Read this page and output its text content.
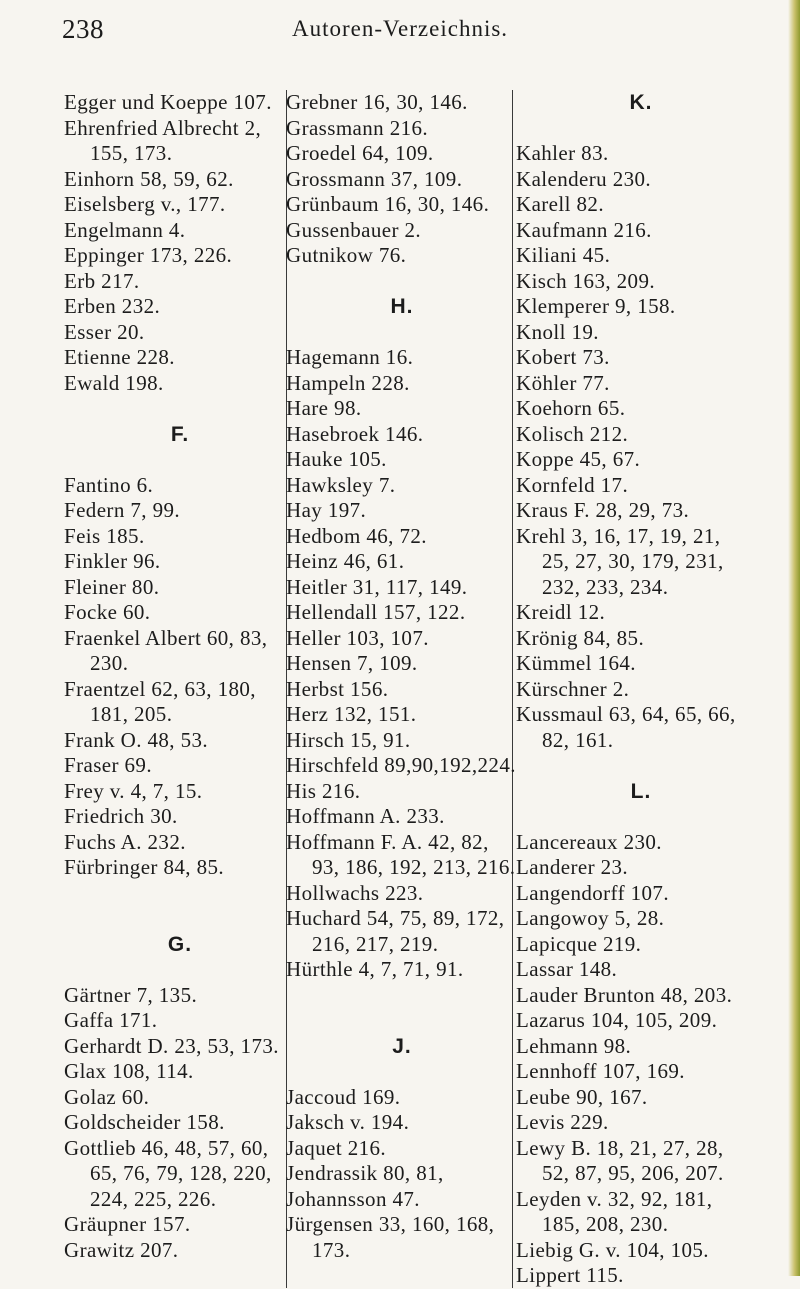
238	Autoren-Verzeichnis.
Egger und Koeppe 107.
Ehrenfried Albrecht 2,
155, 173.
Einhorn 58, 59, 62.
Eiselsberg v., 177.
Engelmann 4.
Eppinger 173, 226.
Erb 217.
Erben 232.
Esser 20.
Etienne 228.
Ewald 198.

F.

Fantino 6.
Federn 7, 99.
Feis 185.
Finkler 96.
Fleiner 80.
Focke 60.
Fraenkel Albert 60, 83,
230.
Fraentzel 62, 63, 180,
181, 205.
Frank O. 48, 53.
Fraser 69.
Frey v. 4, 7, 15.
Friedrich 30.
Fuchs A. 232.
Fürbringer 84, 85.

G.

Gärtner 7, 135.
Gaffa 171.
Gerhardt D. 23, 53, 173.
Glax 108, 114.
Golaz 60.
Goldscheider 158.
Gottlieb 46, 48, 57, 60,
65, 76, 79, 128, 220,
224, 225, 226.
Gräupner 157.
Grawitz 207.
Grebner 16, 30, 146.
Grassmann 216.
Groedel 64, 109.
Grossmann 37, 109.
Grünbaum 16, 30, 146.
Gussenbauer 2.
Gutnikow 76.

H.

Hagemann 16.
Hampeln 228.
Hare 98.
Hasebroek 146.
Hauke 105.
Hawksley 7.
Hay 197.
Hedbom 46, 72.
Heinz 46, 61.
Heitler 31, 117, 149.
Hellendall 157, 122.
Heller 103, 107.
Hensen 7, 109.
Herbst 156.
Herz 132, 151.
Hirsch 15, 91.
Hirschfeld 89,90,192,224.
His 216.
Hoffmann A. 233.
Hoffmann F. A. 42, 82,
93, 186, 192, 213, 216.
Hollwachs 223.
Huchard 54, 75, 89, 172,
216, 217, 219.
Hürthle 4, 7, 71, 91.

J.

Jaccoud 169.
Jaksch v. 194.
Jaquet 216.
Jendrassik 80, 81,
Johannsson 47.
Jürgensen 33, 160, 168,
173.
K.

Kahler 83.
Kalenderu 230.
Karell 82.
Kaufmann 216.
Kiliani 45.
Kisch 163, 209.
Klemperer 9, 158.
Knoll 19.
Kobert 73.
Köhler 77.
Koehorn 65.
Kolisch 212.
Koppe 45, 67.
Kornfeld 17.
Kraus F. 28, 29, 73.
Krehl 3, 16, 17, 19, 21,
25, 27, 30, 179, 231,
232, 233, 234.
Kreidl 12.
Krönig 84, 85.
Kümmel 164.
Kürschner 2.
Kussmaul 63, 64, 65, 66,
82, 161.

L.

Lancereaux 230.
Landerer 23.
Langendorff 107.
Langowoy 5, 28.
Lapicque 219.
Lassar 148.
Lauder Brunton 48, 203.
Lazarus 104, 105, 209.
Lehmann 98.
Lennhoff 107, 169.
Leube 90, 167.
Levis 229.
Lewy B. 18, 21, 27, 28,
52, 87, 95, 206, 207.
Leyden v. 32, 92, 181,
185, 208, 230.
Liebig G. v. 104, 105.
Lippert 115.
